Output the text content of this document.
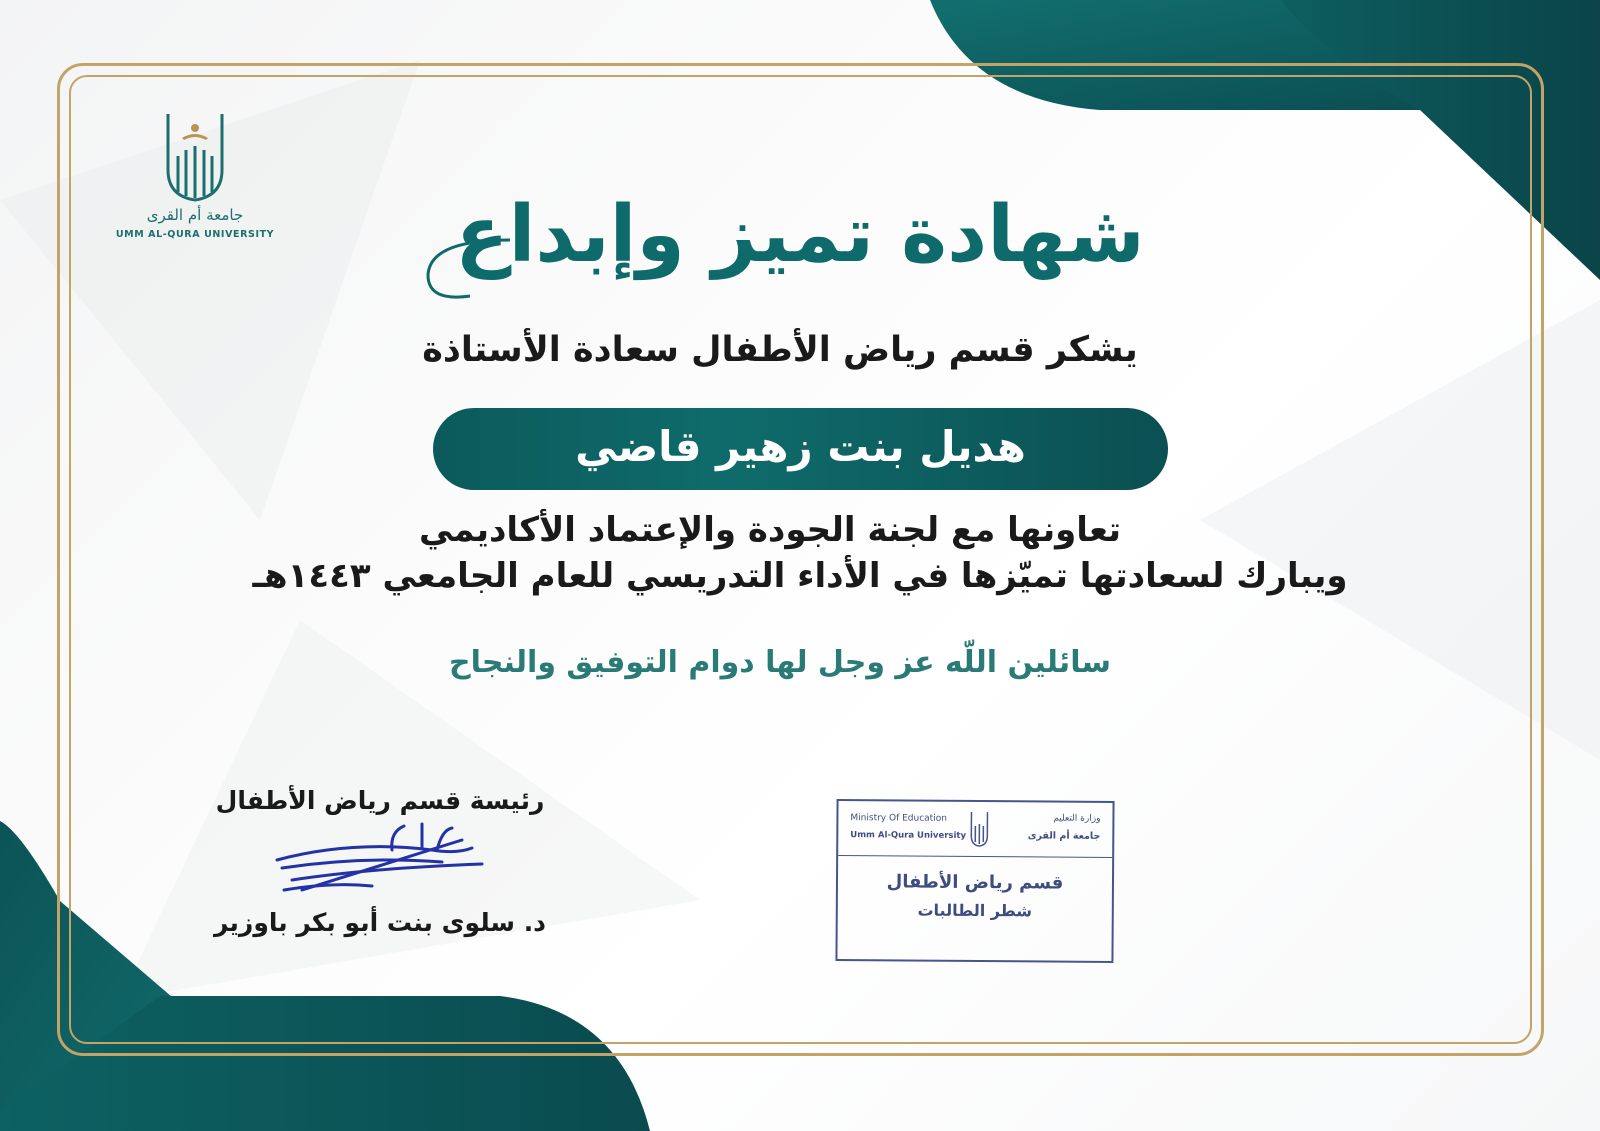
جامعة أم القرى
UMM AL-QURA UNIVERSITY	شهادة تميز وإبداع
يشكر قسم رياض الأطفال سعادة الأستاذة
هديل بنت زهير قاضي
تعاونها مع لجنة الجودة والإعتماد الأكاديمي
ويبارك لسعادتها تميّزها في الأداء التدريسي للعام الجامعي ١٤٤٣هـ
سائلين اللّه عز وجل لها دوام التوفيق والنجاح
رئيسة قسم رياض الأطفال
د. سلوى بنت أبو بكر باوزير
Ministry Of Education
Umm Al-Qura University
وزارة التعليم
جامعة أم القرى
قسم رياض الأطفال
شطر الطالبات
